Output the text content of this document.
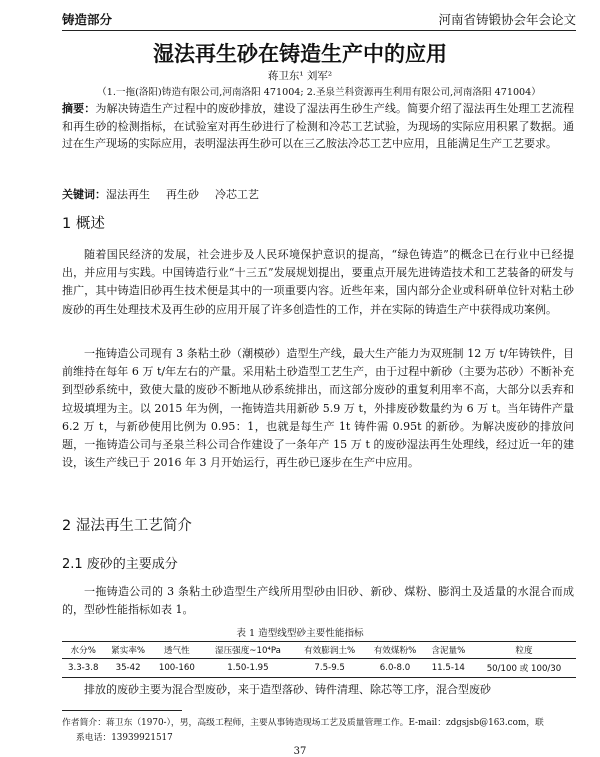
铸造部分	河南省铸锻协会年会论文
湿法再生砂在铸造生产中的应用
蒋卫东¹ 刘军²
（1.一拖(洛阳)铸造有限公司,河南洛阳 471004; 2.圣泉兰科资源再生利用有限公司,河南洛阳 471004）
摘要：为解决铸造生产过程中的废砂排放，建设了湿法再生砂生产线。简要介绍了湿法再生处理工艺流程和再生砂的检测指标，在试验室对再生砂进行了检测和冷芯工艺试验，为现场的实际应用积累了数据。通过在生产现场的实际应用，表明湿法再生砂可以在三乙胺法冷芯工艺中应用，且能满足生产工艺要求。
关键词：湿法再生 再生砂 冷芯工艺
1 概述
随着国民经济的发展，社会进步及人民环境保护意识的提高，“绿色铸造”的概念已在行业中已经提出，并应用与实践。中国铸造行业“十三五”发展规划提出，要重点开展先进铸造技术和工艺装备的研发与推广，其中铸造旧砂再生技术便是其中的一项重要内容。近些年来，国内部分企业或科研单位针对粘土砂废砂的再生处理技术及再生砂的应用开展了许多创造性的工作，并在实际的铸造生产中获得成功案例。
一拖铸造公司现有 3 条粘土砂（潮模砂）造型生产线，最大生产能力为双班制 12 万 t/年铸铁件，目前维持在每年 6 万 t/年左右的产量。采用粘土砂造型工艺生产，由于过程中新砂（主要为芯砂）不断补充到型砂系统中，致使大量的废砂不断地从砂系统排出，而这部分废砂的重复利用率不高，大部分以丢弃和垃圾填埋为主。以 2015 年为例，一拖铸造共用新砂 5.9 万 t，外排废砂数量约为 6 万 t。当年铸件产量 6.2 万 t，与新砂使用比例为 0.95：1，也就是每生产 1t 铸件需 0.95t 的新砂。为解决废砂的排放问题，一拖铸造公司与圣泉兰科公司合作建设了一条年产 15 万 t 的废砂湿法再生处理线，经过近一年的建设，该生产线已于 2016 年 3 月开始运行，再生砂已逐步在生产中应用。
2 湿法再生工艺简介
2.1 废砂的主要成分
一拖铸造公司的 3 条粘土砂造型生产线所用型砂由旧砂、新砂、煤粉、膨润土及适量的水混合而成的，型砂性能指标如表 1。
表 1 造型线型砂主要性能指标
水分%	紧实率%	透气性	湿压强度~10⁴Pa	有效膨润土%	有效煤粉%	含泥量%	粒度
3.3-3.8	35-42	100-160	1.50-1.95	7.5-9.5	6.0-8.0	11.5-14	50/100 或 100/30
排放的废砂主要为混合型废砂，来于造型落砂、铸件清理、除芯等工序，混合型废砂
作者简介：蒋卫东（1970-），男，高级工程师，主要从事铸造现场工艺及质量管理工作。E-mail：zdgsjsb@163.com，联
系电话：13939921517
37
